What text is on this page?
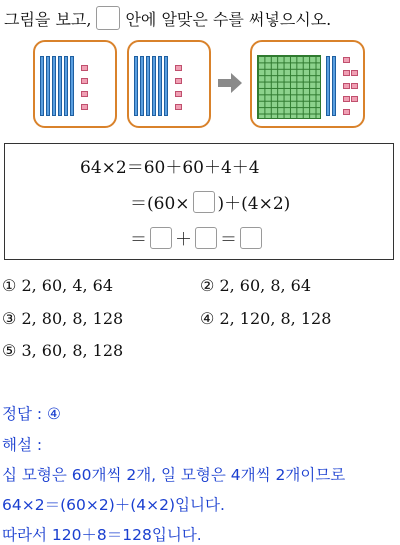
그림을 보고, 안에 알맞은 수를 써넣으시오.
64×2＝60＋60＋4＋4
＝(60× )＋(4×2)
＝ ＋ ＝
① 2, 60, 4, 64	② 2, 60, 8, 64
③ 2, 80, 8, 128	④ 2, 120, 8, 128
⑤ 3, 60, 8, 128
정답 : ④
해설 :
십 모형은 60개씩 2개, 일 모형은 4개씩 2개이므로
64×2＝(60×2)＋(4×2)입니다.
따라서 120＋8＝128입니다.
